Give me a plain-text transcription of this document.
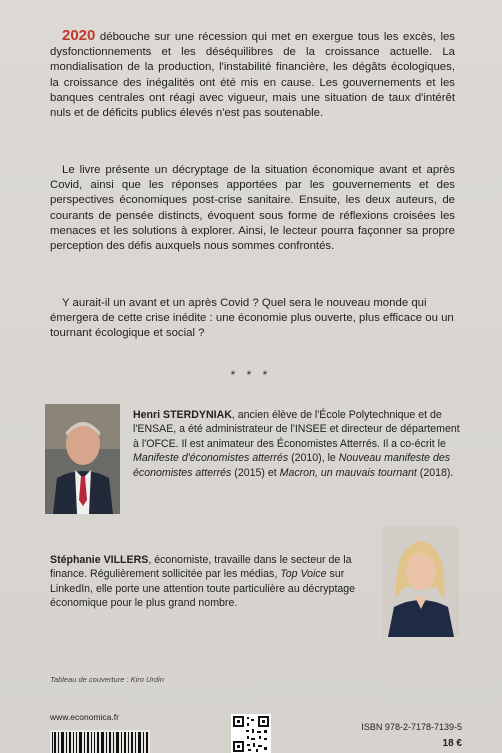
2020 débouche sur une récession qui met en exergue tous les excès, les dysfonctionnements et les déséquilibres de la croissance actuelle. La mondialisation de la production, l'instabilité financière, les dégâts écologiques, la croissance des inégalités ont été mis en cause. Les gouvernements et les banques centrales ont réagi avec vigueur, mais une situation de taux d'intérêt nuls et de déficits publics élevés n'est pas soutenable.

Le livre présente un décryptage de la situation économique avant et après Covid, ainsi que les réponses apportées par les gouvernements et des perspectives économiques post-crise sanitaire. Ensuite, les deux auteurs, de courants de pensée distincts, évoquent sous forme de réflexions croisées les menaces et les solutions à explorer. Ainsi, le lecteur pourra façonner sa propre perception des défis auxquels nous sommes confrontés.

Y aurait-il un avant et un après Covid ? Quel sera le nouveau monde qui émergera de cette crise inédite : une économie plus ouverte, plus efficace ou un tournant écologique et social ?

* * *

Henri STERDYNIAK, ancien élève de l'École Polytechnique et de l'ENSAE, a été administrateur de l'INSEE et directeur de département à l'OFCE. Il est animateur des Économistes Atterrés. Il a co-écrit le Manifeste d'économistes atterrés (2010), le Nouveau manifeste des économistes atterrés (2015) et Macron, un mauvais tournant (2018).

Stéphanie VILLERS, économiste, travaille dans le secteur de la finance. Régulièrement sollicitée par les médias, Top Voice sur LinkedIn, elle porte une attention toute particulière au décryptage économique pour le plus grand nombre.

Tableau de couverture : Kiro Urdin
www.economica.fr
ISBN 978-2-7178-7139-5
18 €
